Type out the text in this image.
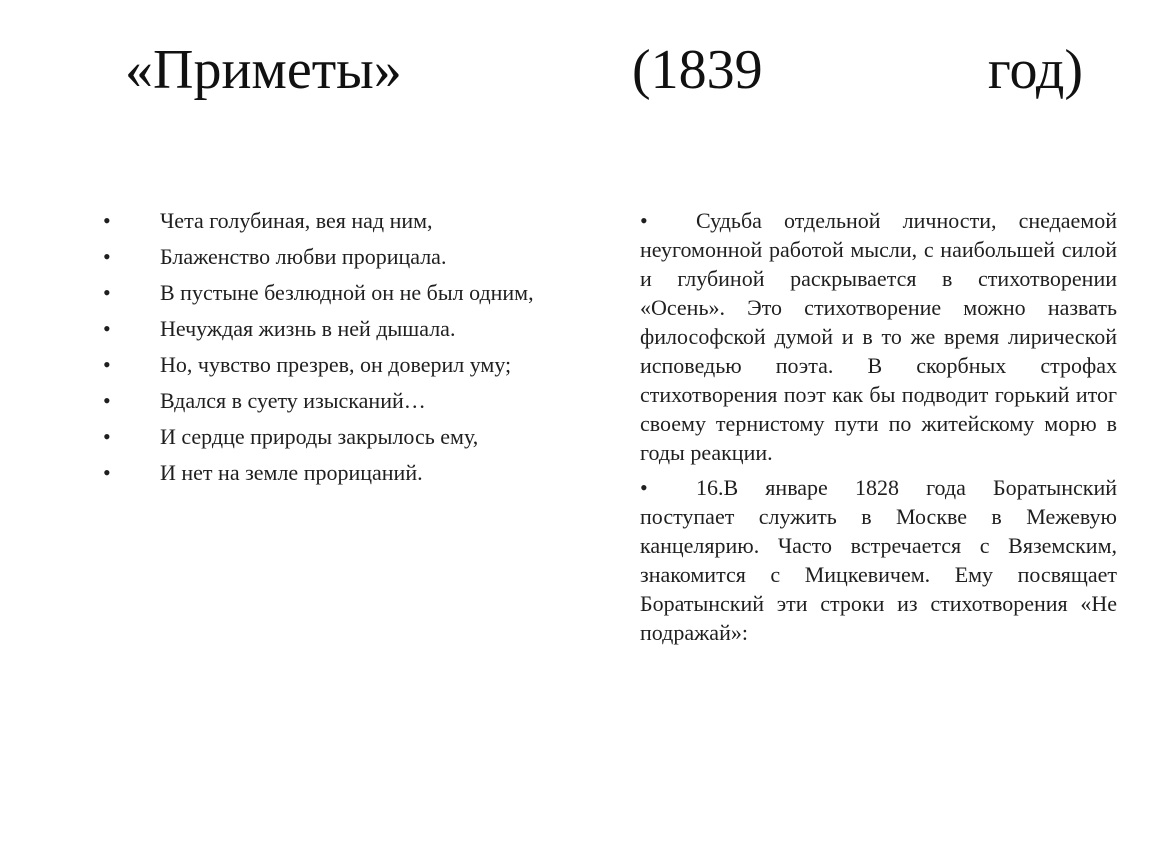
«Приметы»	(1839	год)

• Чета голубиная, вея над ним,

• Блаженство любви прорицала.

• В пустыне безлюдной он не был одним,

• Нечуждая жизнь в ней дышала.

• Но, чувство презрев, он доверил уму;

• Вдался в суету изысканий…

• И сердце природы закрылось ему,

• И нет на земле прорицаний.

• Судьба отдельной личности, снедаемой неугомонной работой мысли, с наибольшей силой и глубиной раскрывается в стихотворении «Осень». Это стихотворение можно назвать философской думой и в то же время лирической исповедью поэта. В скорбных строфах стихотворения поэт как бы подводит горький итог своему тернистому пути по житейскому морю в годы реакции.

• 16.В январе 1828 года Боратынский поступает служить в Москве в Межевую канцелярию. Часто встречается с Вяземским, знакомится с Мицкевичем. Ему посвящает Боратынский эти строки из стихотворения «Не подражай»:
